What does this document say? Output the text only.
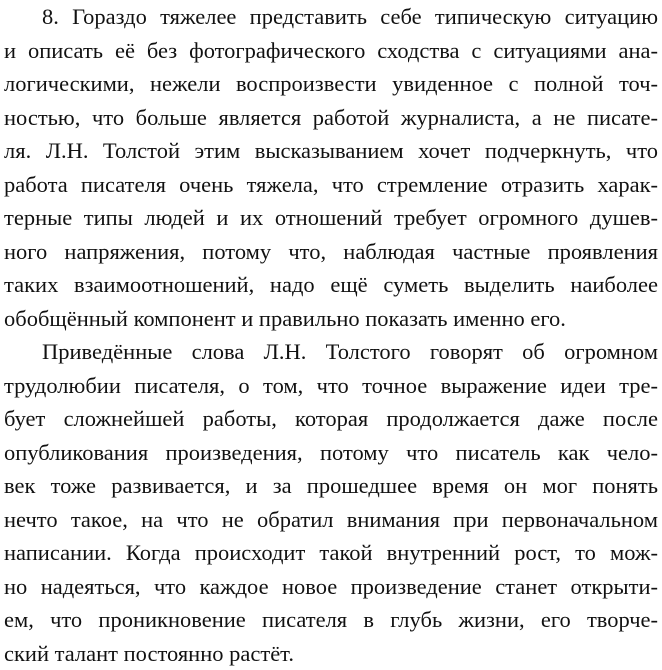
8. Гораздо тяжелее представить себе типическую ситуацию
и описать её без фотографического сходства с ситуациями ана-
логическими, нежели воспроизвести увиденное с полной точ-
ностью, что больше является работой журналиста, а не писате-
ля. Л.Н. Толстой этим высказыванием хочет подчеркнуть, что
работа писателя очень тяжела, что стремление отразить харак-
терные типы людей и их отношений требует огромного душев-
ного напряжения, потому что, наблюдая частные проявления
таких взаимоотношений, надо ещё суметь выделить наиболее
обобщённый компонент и правильно показать именно его.
Приведённые слова Л.Н. Толстого говорят об огромном
трудолюбии писателя, о том, что точное выражение идеи тре-
бует сложнейшей работы, которая продолжается даже после
опубликования произведения, потому что писатель как чело-
век тоже развивается, и за прошедшее время он мог понять
нечто такое, на что не обратил внимания при первоначальном
написании. Когда происходит такой внутренний рост, то мож-
но надеяться, что каждое новое произведение станет открыти-
ем, что проникновение писателя в глубь жизни, его творче-
ский талант постоянно растёт.
